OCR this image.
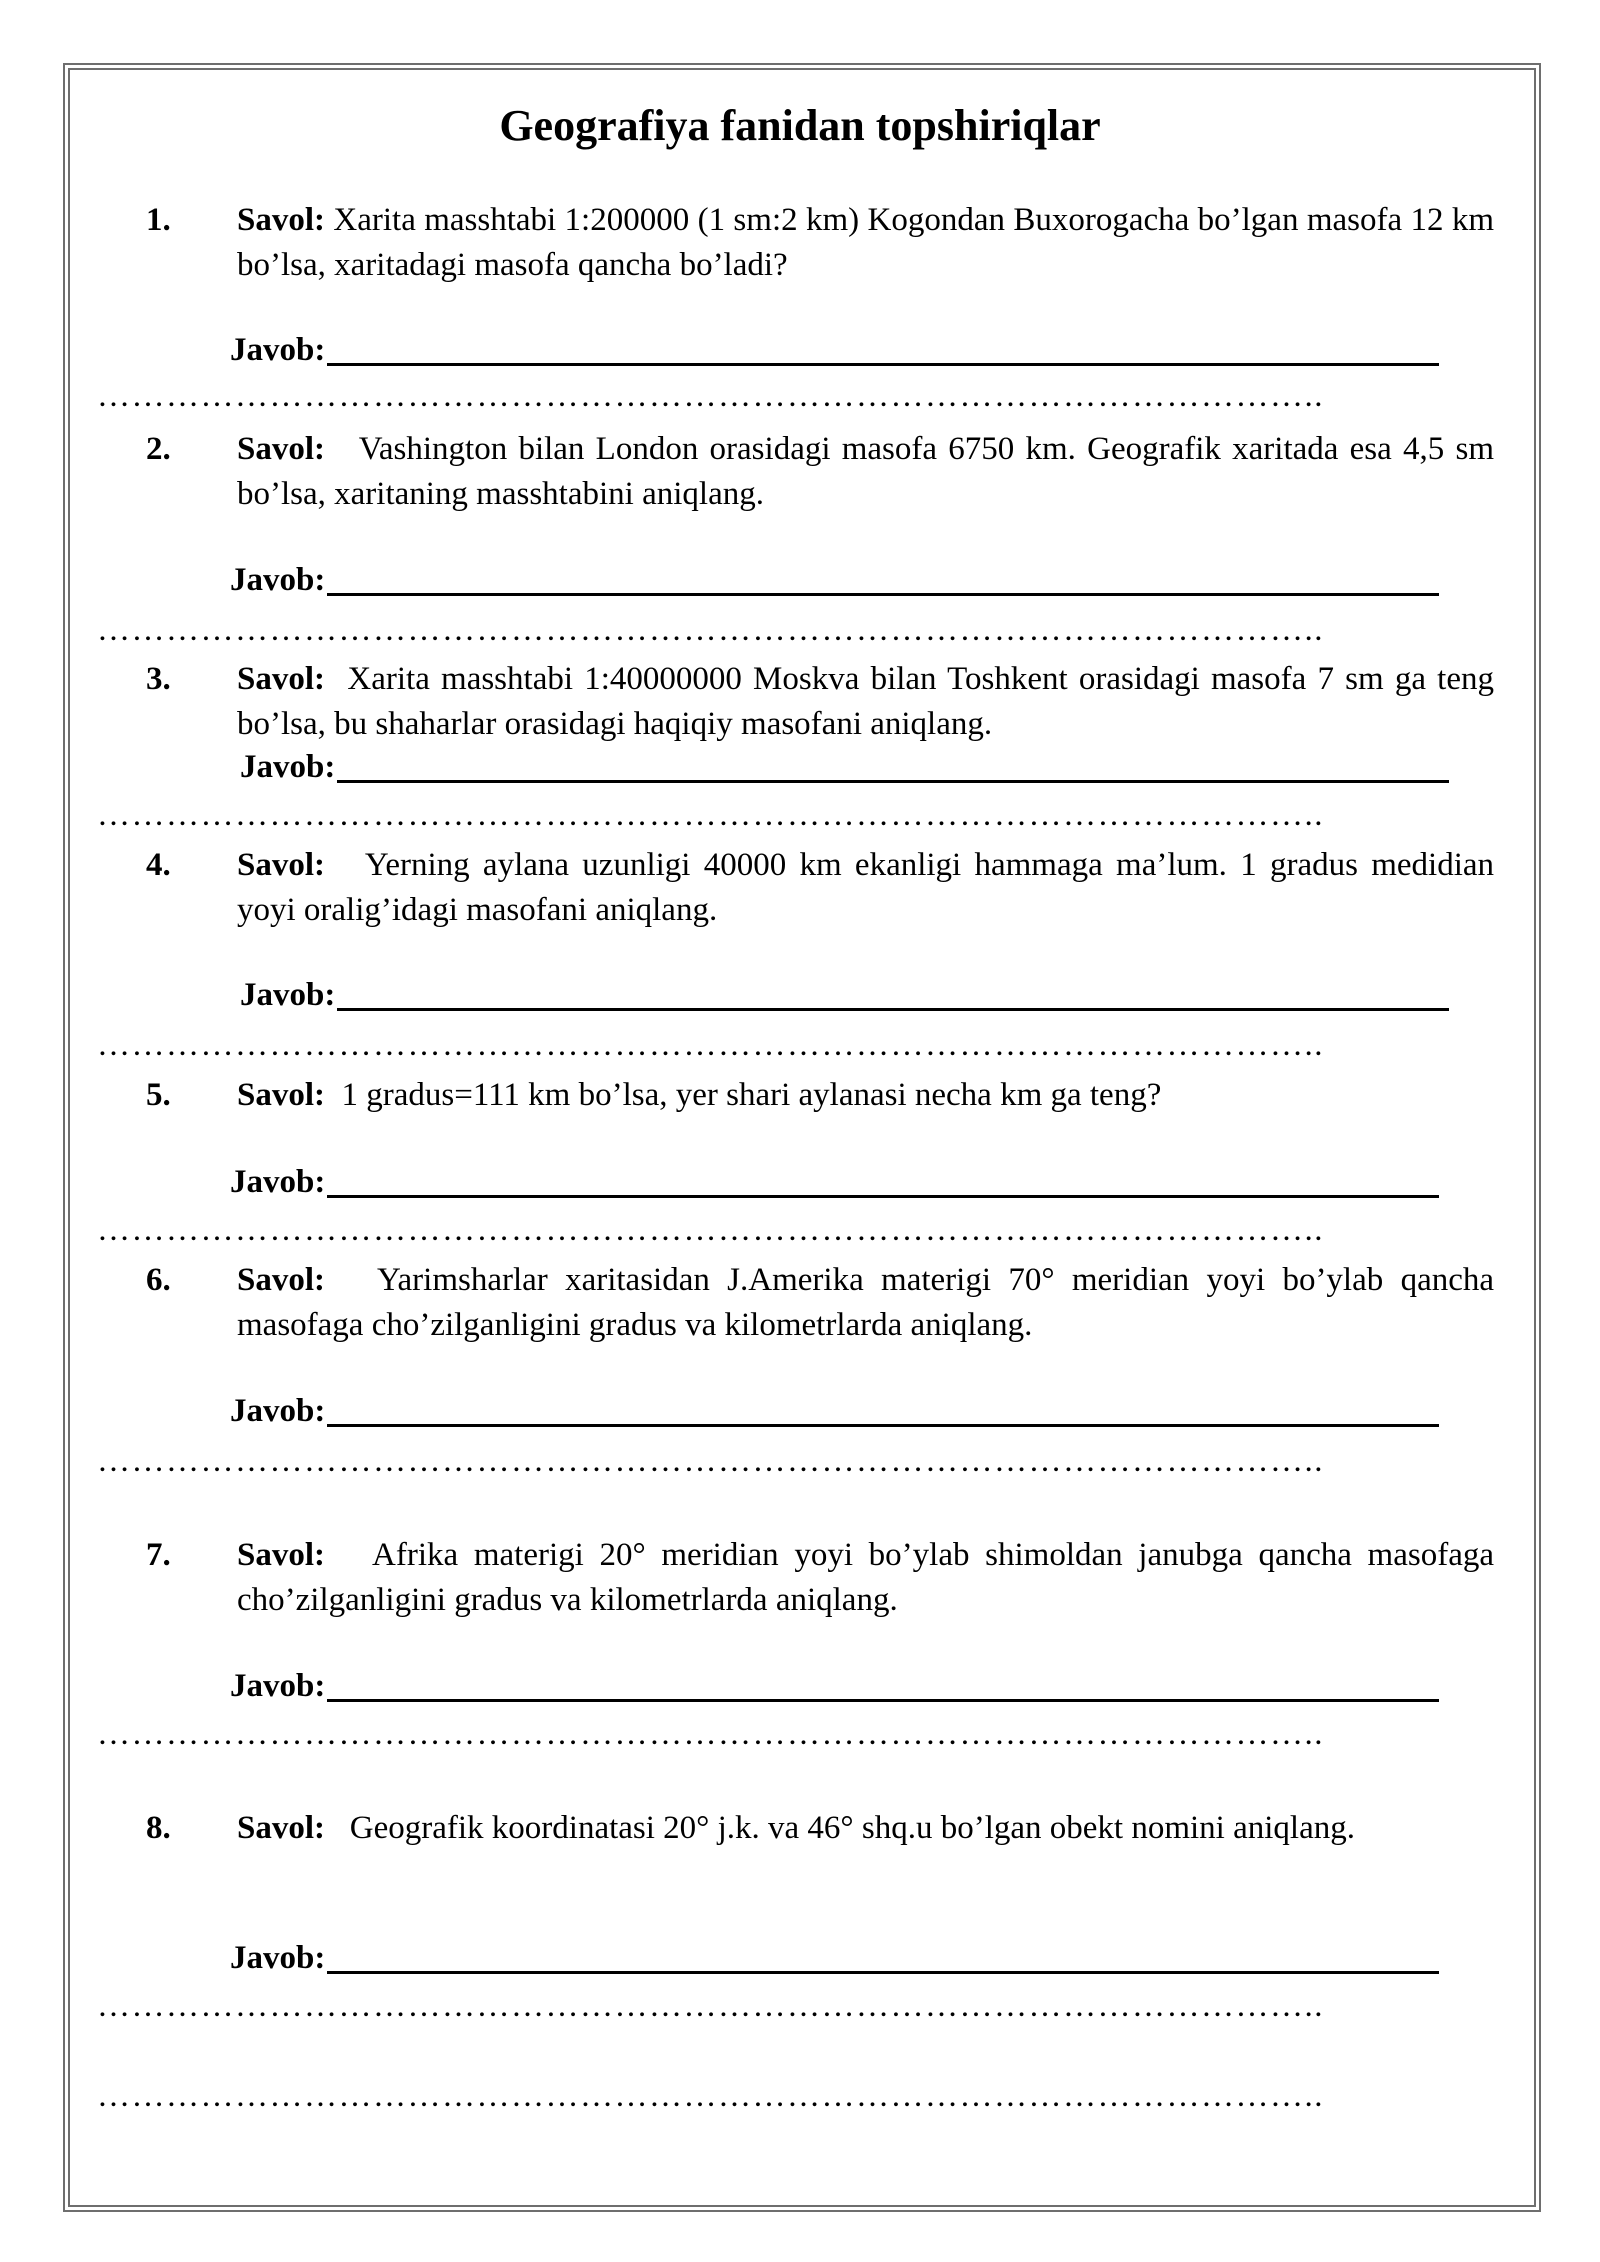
Geografiya fanidan topshiriqlar
1.	Savol: Xarita masshtabi 1:200000 (1 sm:2 km) Kogondan Buxorogacha bo’lgan masofa 12 km bo’lsa, xaritadagi masofa qancha bo’ladi?
Javob:
……………………………………………………………………………………………..
2.	Savol: Vashington bilan London orasidagi masofa 6750 km. Geografik xaritada esa 4,5 sm bo’lsa, xaritaning masshtabini aniqlang.
Javob:
……………………………………………………………………………………………..
3.	Savol: Xarita masshtabi 1:40000000 Moskva bilan Toshkent orasidagi masofa 7 sm ga teng bo’lsa, bu shaharlar orasidagi haqiqiy masofani aniqlang.
Javob:
……………………………………………………………………………………………..
4.	Savol: Yerning aylana uzunligi 40000 km ekanligi hammaga ma’lum. 1 gradus medidian yoyi oralig’idagi masofani aniqlang.
Javob:
……………………………………………………………………………………………..
5.	Savol: 1 gradus=111 km bo’lsa, yer shari aylanasi necha km ga teng?
Javob:
……………………………………………………………………………………………..
6.	Savol: Yarimsharlar xaritasidan J.Amerika materigi 70° meridian yoyi bo’ylab qancha masofaga cho’zilganligini gradus va kilometrlarda aniqlang.
Javob:
……………………………………………………………………………………………..
7.	Savol: Afrika materigi 20° meridian yoyi bo’ylab shimoldan janubga qancha masofaga cho’zilganligini gradus va kilometrlarda aniqlang.
Javob:
……………………………………………………………………………………………..
8.	Savol: Geografik koordinatasi 20° j.k. va 46° shq.u bo’lgan obekt nomini aniqlang.
Javob:
……………………………………………………………………………………………..
……………………………………………………………………………………………..
